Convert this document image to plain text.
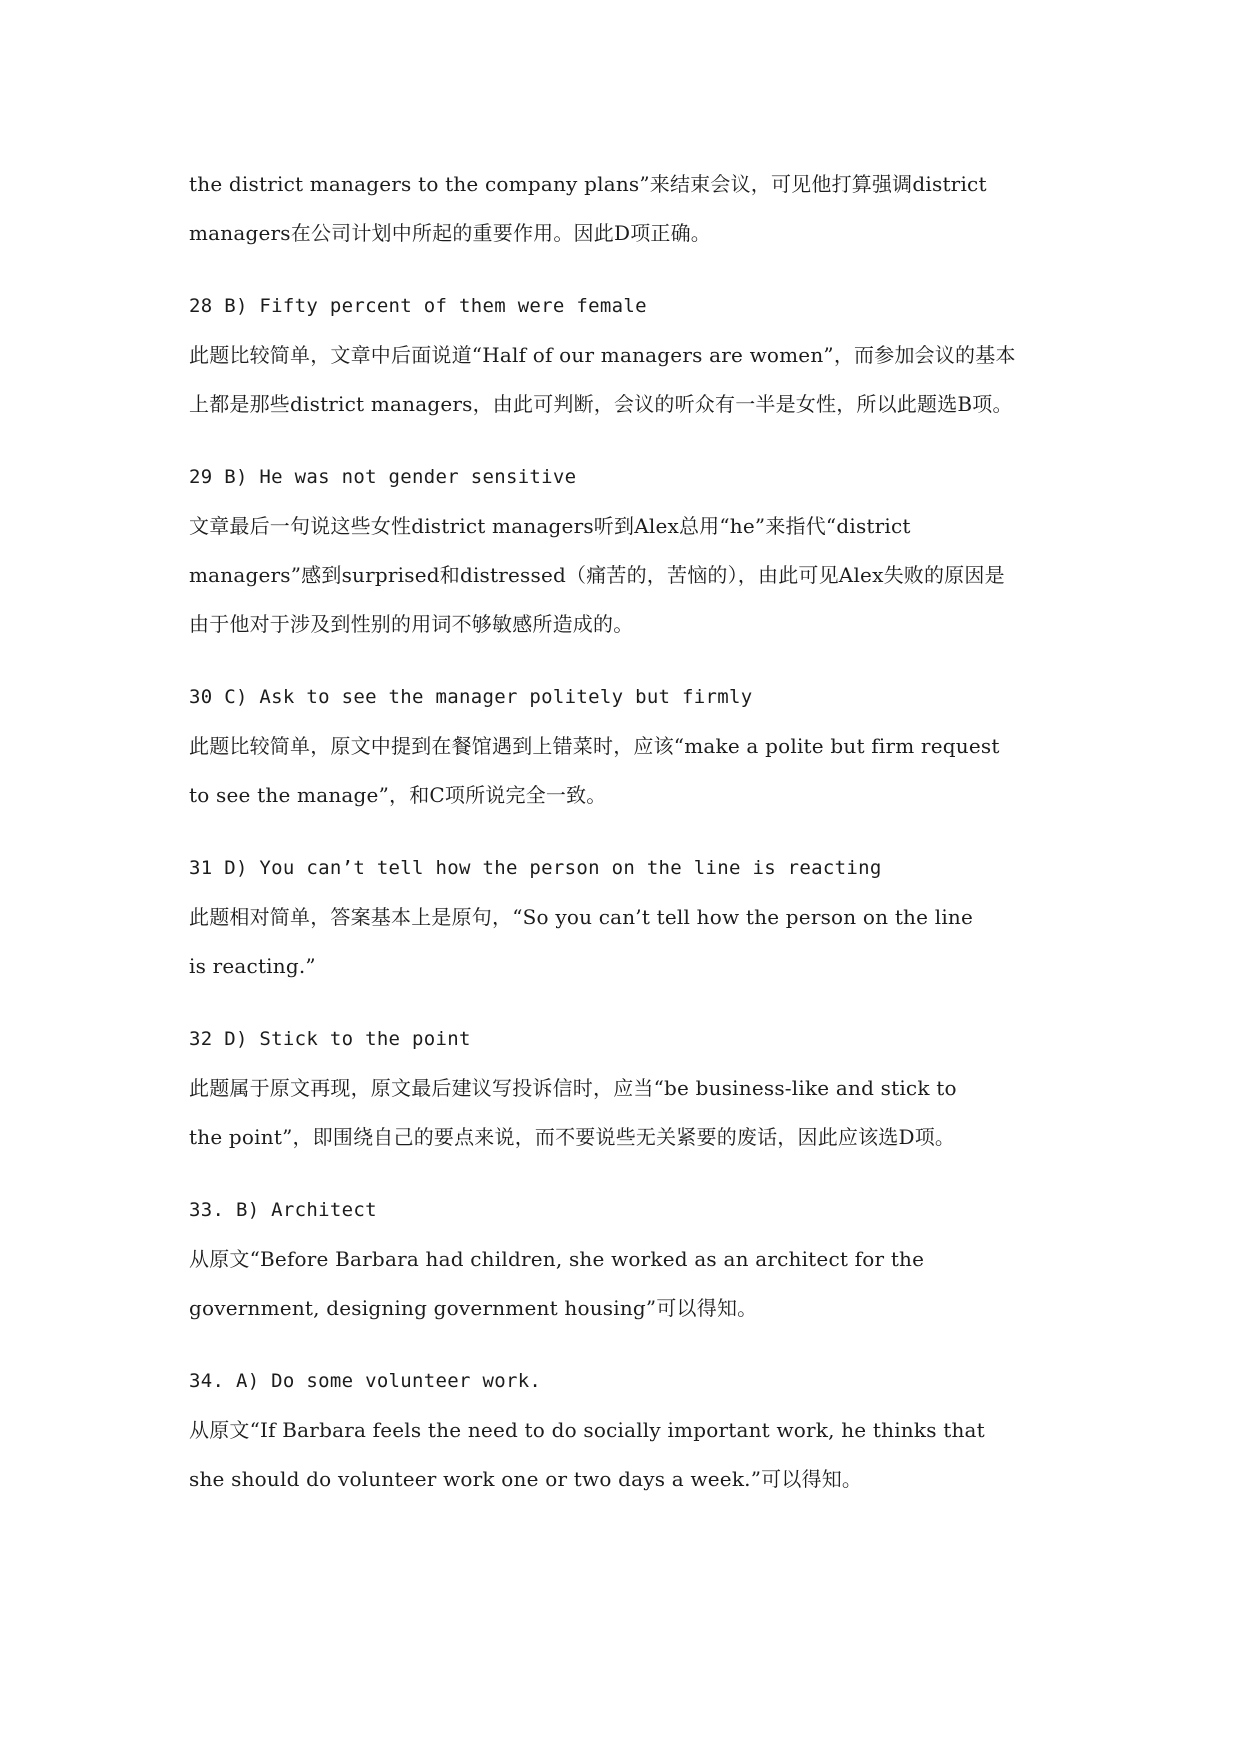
the district managers to the company plans”来结束会议，可见他打算强调district
managers在公司计划中所起的重要作用。因此D项正确。
28 B) Fifty percent of them were female
此题比较简单，文章中后面说道“Half of our managers are women”，而参加会议的基本
上都是那些district managers，由此可判断，会议的听众有一半是女性，所以此题选B项。
29 B) He was not gender sensitive
文章最后一句说这些女性district managers听到Alex总用“he”来指代“district
managers”感到surprised和distressed（痛苦的，苦恼的），由此可见Alex失败的原因是
由于他对于涉及到性别的用词不够敏感所造成的。
30 C) Ask to see the manager politely but firmly
此题比较简单，原文中提到在餐馆遇到上错菜时，应该“make a polite but firm request
to see the manage”，和C项所说完全一致。
31 D) You can’t tell how the person on the line is reacting
此题相对简单，答案基本上是原句，“So you can’t tell how the person on the line
is reacting.”
32 D) Stick to the point
此题属于原文再现，原文最后建议写投诉信时，应当“be business-like and stick to
the point”，即围绕自己的要点来说，而不要说些无关紧要的废话，因此应该选D项。
33. B) Architect
从原文“Before Barbara had children, she worked as an architect for the
government, designing government housing”可以得知。
34. A) Do some volunteer work.
从原文“If Barbara feels the need to do socially important work, he thinks that
she should do volunteer work one or two days a week.”可以得知。
